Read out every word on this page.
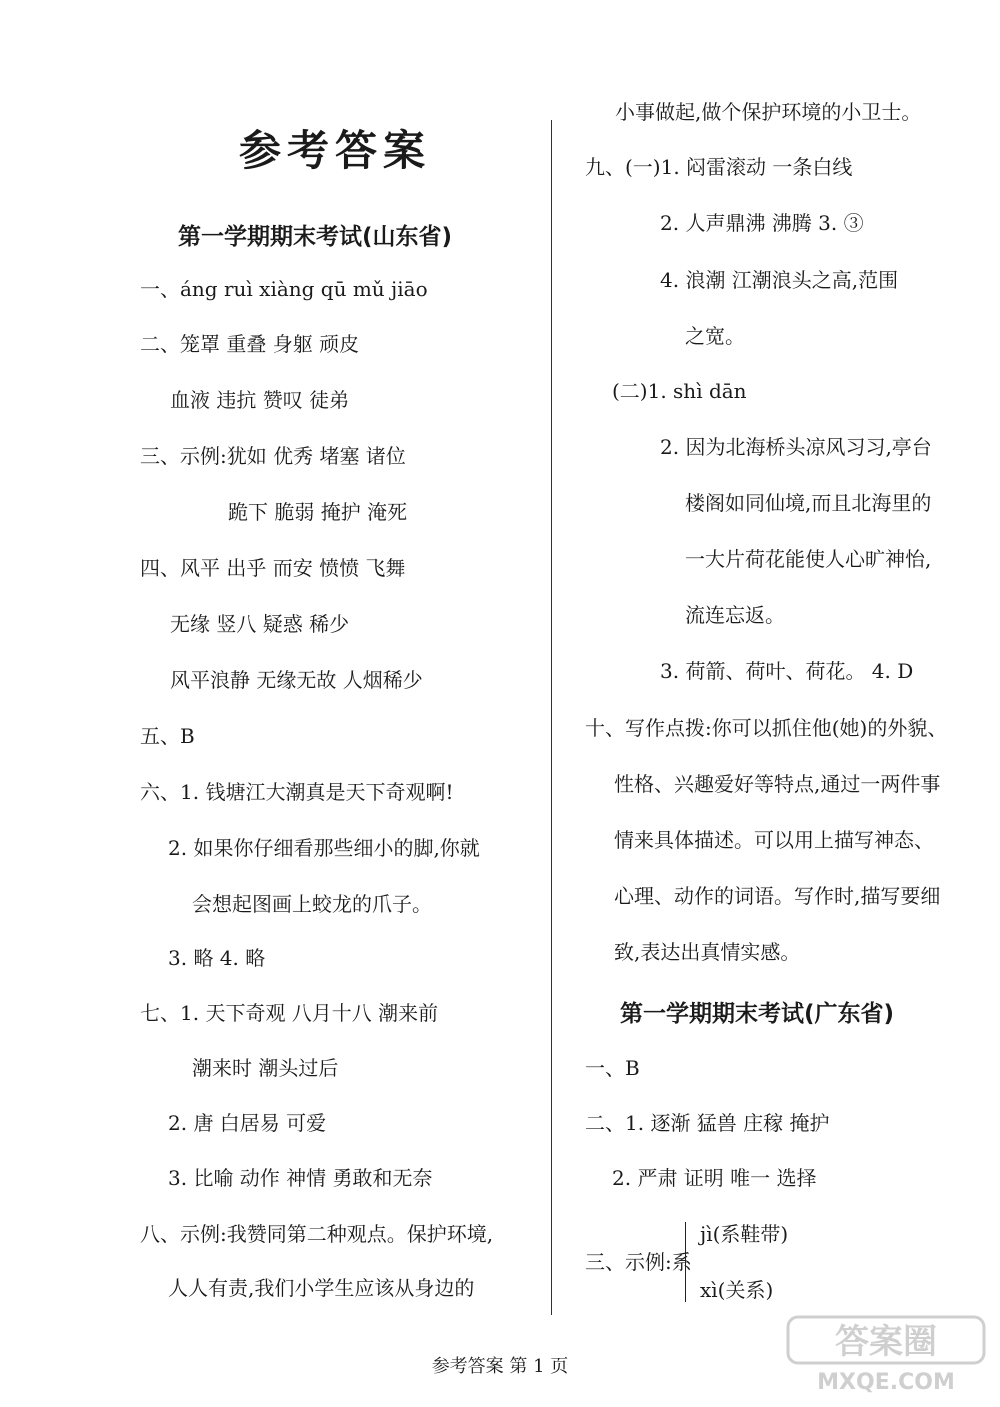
参考答案
第一学期期末考试(山东省)

一、áng ruì xiàng qū mǔ jiāo

二、笼罩 重叠 身躯 顽皮

血液 违抗 赞叹 徒弟

三、示例:犹如 优秀 堵塞 诸位

跪下 脆弱 掩护 淹死

四、风平 出乎 而安 愤愤 飞舞

无缘 竖八 疑惑 稀少

风平浪静 无缘无故 人烟稀少

五、B

六、1. 钱塘江大潮真是天下奇观啊!

2. 如果你仔细看那些细小的脚,你就

会想起图画上蛟龙的爪子。

3. 略 4. 略

七、1. 天下奇观 八月十八 潮来前

潮来时 潮头过后

2. 唐 白居易 可爱

3. 比喻 动作 神情 勇敢和无奈

八、示例:我赞同第二种观点。保护环境,

人人有责,我们小学生应该从身边的

小事做起,做个保护环境的小卫士。

九、(一)1. 闷雷滚动 一条白线

2. 人声鼎沸 沸腾 3. ③

4. 浪潮 江潮浪头之高,范围

之宽。

(二)1. shì dān

2. 因为北海桥头凉风习习,亭台

楼阁如同仙境,而且北海里的

一大片荷花能使人心旷神怡,

流连忘返。

3. 荷箭、荷叶、荷花。 4. D

十、写作点拨:你可以抓住他(她)的外貌、

性格、兴趣爱好等特点,通过一两件事

情来具体描述。可以用上描写神态、

心理、动作的词语。写作时,描写要细

致,表达出真情实感。

第一学期期末考试(广东省)

一、B

二、1. 逐渐 猛兽 庄稼 掩护

2. 严肃 证明 唯一 选择

三、示例:系

jì(系鞋带)

xì(关系)

参考答案 第 1 页

答案圈
MXQE.COM
